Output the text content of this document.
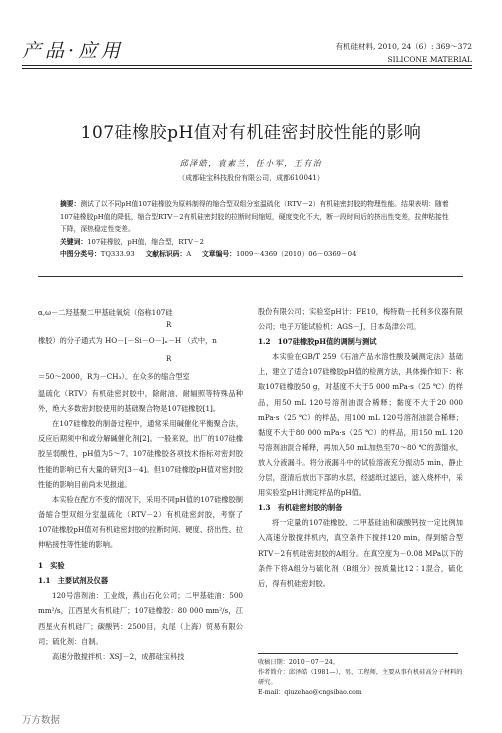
产品·应用	有机硅材料, 2010, 24（6）: 369～372
SILICONE MATERIAL
107硅橡胶pH值对有机硅密封胶性能的影响
邱泽皓，袁素兰，任小军，王有治
（成都硅宝科技股份有限公司，成都610041）
摘要：测试了以不同pH值107硅橡胶为原料制得的缩合型双组分室温硫化（RTV－2）有机硅密封胶的物理性能。结果表明：随着107硅橡胶pH值的降低，缩合型RTV－2有机硅密封胶的拉断时间缩短，硬度变化不大，断一段时间后的挤出性变差，拉伸粘接性下降，深热稳定性变差。
关键词：107硅橡胶，pH值，缩合型，RTV－2
中图分类号：TQ333.93 文献标识码：A 文章编号：1009－4369（2010）06－0369－04

α,ω－二羟基聚二甲基硅氧烷（俗称107硅

R
橡胶）的分子通式为 HO－[－Si－O－]ₙ－H （式中，n
R
＝50～2000，R为－CH₃）。在众多的缩合型室

温硫化（RTV）有机硅密封胶中，除耐油、耐辐照等特殊品种外，绝大多数密封胶使用的基础聚合物是107硅橡胶[1]。

在107硅橡胶的制备过程中，通常采用碱催化平衡聚合法，反应后期须中和或分解碱催化剂[2]。一般来说，出厂的107硅橡胶呈弱酸性，pH值为5～7。107硅橡胶各项技术指标对密封胶性能的影响已有大量的研究[3－4]。但107硅橡胶pH值对密封胶性能的影响目前尚未见报道。

本实验在配方不变的情况下，采用不同pH值的107硅橡胶制备缩合型双组分室温硫化（RTV－2）有机硅密封胶，考察了107硅橡胶pH值对有机硅密封胶的拉断时间、硬度、挤出性、拉伸粘接性等性能的影响。

1　实验

1.1　主要试剂及仪器

120号溶剂油：工业级，燕山石化公司；二甲基硅油：500 mm²/s，江西星火有机硅厂；107硅橡胶：80 000 mm²/s，江西星火有机硅厂；碳酸钙：2500目，丸尾（上海）贸易有限公司；硫化剂：自制。

高速分散搅拌机：XSJ－2，成都硅宝科技

股份有限公司；实验室pH计：FE10，梅特勒－托利多仪器有限公司；电子万能试验机：AGS－J，日本岛津公司。

1.2　107硅橡胶pH值的调制与测试

本实验在GB/T 259《石油产品水溶性酸及碱测定法》基础上，建立了适合107硅橡胶pH值的检测方法，具体操作如下：称取107硅橡胶50 g，对基度不大于5 000 mPa·s（25 ℃）的样品，用50 mL 120号溶剂油混合稀释；黏度不大于20 000 mPa·s（25 ℃）的样品，用100 mL 120号溶剂油混合稀释；黏度不大于80 000 mPa·s（25 ℃）的样品，用150 mL 120号溶剂油混合稀释，再加入50 mL加热至70～80 ℃的蒸馏水，放入分液漏斗。将分液漏斗中的试验溶液充分振动5 min，静止分层，澄清后放出下部的水层，经滤纸过滤后，滤入烧杯中，采用实验室pH计测定样品的pH值。

1.3　有机硅密封胶的制备

将一定量的107硅橡胶、二甲基硅油和碳酸钙按一定比例加入高速分散搅拌机内，真空条件下搅拌120 min，得到缩合型RTV－2有机硅密封胶的A组分。在真空度为－0.08 MPa以下的条件下将A组分与硫化剂（B组分）按质量比12∶1混合，硫化后，得有机硅密封胶。

收稿日期：2010－07－24。
作者简介：邱泽皓（1981—），男，工程师，主要从事有机硅高分子材料的研究。
E-mail：qiuzehao@cngsibao.com
万方数据
